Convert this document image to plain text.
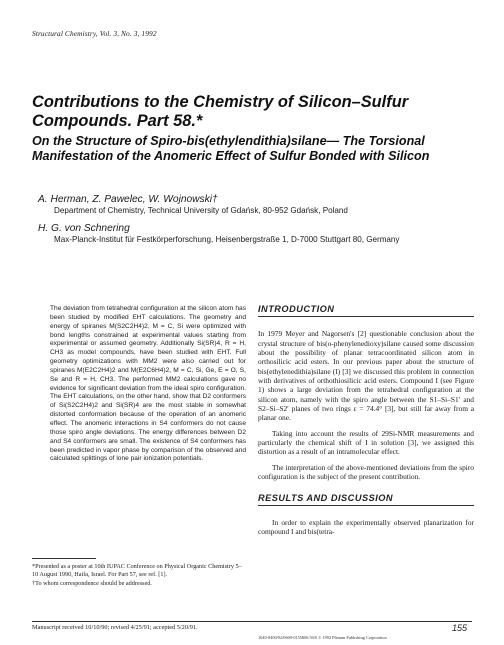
Structural Chemistry, Vol. 3, No. 3, 1992
Contributions to the Chemistry of Silicon–Sulfur Compounds. Part 58.*
On the Structure of Spiro-bis(ethylendithia)silane— The Torsional Manifestation of the Anomeric Effect of Sulfur Bonded with Silicon
A. Herman, Z. Pawelec, W. Wojnowski†
Department of Chemistry, Technical University of Gdańsk, 80-952 Gdańsk, Poland
H. G. von Schnering
Max-Planck-Institut für Festkörperforschung, Heisenbergstraße 1, D-7000 Stuttgart 80, Germany

The deviation from tetrahedral configuration at the silicon atom has been studied by modified EHT calculations. The geometry and energy of spiranes M(S2C2H4)2, M = C, Si were optimized with bond lengths constrained at experimental values starting from experimental or assumed geometry. Additionally Si(SR)4, R = H, CH3 as model compounds, have been studied with EHT. Full geometry optimizations with MM2 were also carried out for spiranes M(E2C2H4)2 and M(E2C6H4)2, M = C, Si, Ge, E = O, S, Se and R = H, CH3. The performed MM2 calculations gave no evidence for significant deviation from the ideal spiro configuration. The EHT calculations, on the other hand, show that D2 conformers of Si(S2C2H4)2 and Si(SR)4 are the most stable in somewhat distorted conformation because of the operation of an anomeric effect. The anomeric interactions in S4 conformers do not cause those spiro angle deviations. The energy differences between D2 and S4 conformers are small. The existence of S4 conformers has been predicted in vapor phase by comparison of the observed and calculated splittings of lone pair ionization potentials.

*Presented as a poster at 10th IUPAC Conference on Physical Organic Chemistry 5–10 August 1990, Haifa, Israel. For Part 57, see ref. [1].

†To whom correspondence should be addressed.

INTRODUCTION

In 1979 Meyer and Nagorsen's [2] questionable conclusion about the crystal structure of bis(o-phenylenedioxy)silane caused some discussion about the possibility of planar tetracoordinated silicon atom in orthosilicic acid esters. In our previous paper about the structure of bis(ethylenedithia)silane (I) [3] we discussed this problem in connection with derivatives of orthothiosilicic acid esters. Compound I (see Figure 1) shows a large deviation from the tetrahedral configuration at the silicon atom, namely with the spiro angle between the S1–Si–S1′ and S2–Si–S2′ planes of two rings ε = 74.4° [3], but still far away from a planar one.

Taking into account the results of 29Si-NMR measurements and particularly the chemical shift of I in solution [3], we assigned this distortion as a result of an intramolecular effect.

The interpretation of the above-mentioned deviations from the spiro configuration is the subject of the present contribution.

RESULTS AND DISCUSSION

In order to explain the experimentally observed planarization for compound I and bis(tetra-

Manuscript received 10/10/90; revised 4/25/91; accepted 5/20/91.
1040-0400/92/0600-0155$06.50/0 © 1992 Plenum Publishing Corporation
155
